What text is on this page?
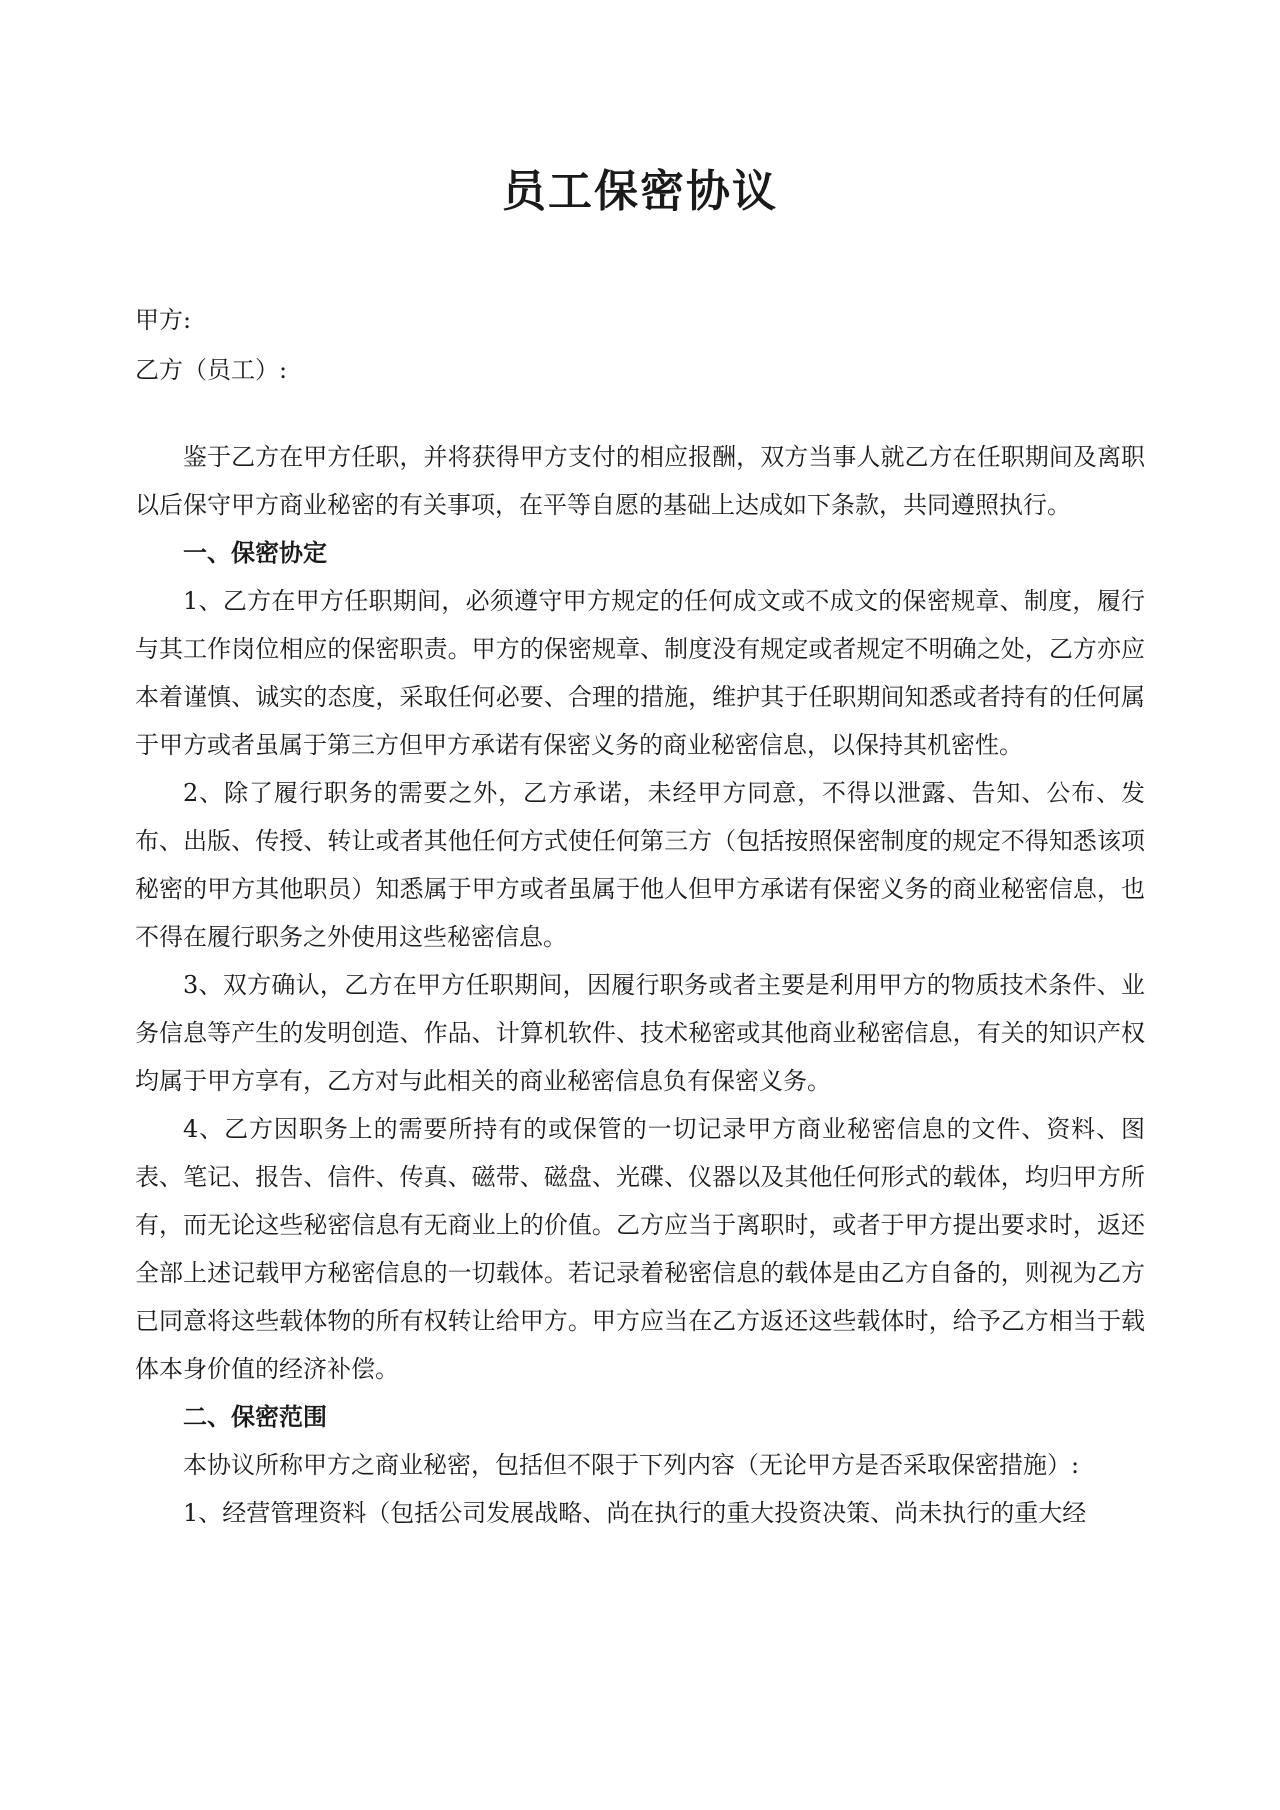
员工保密协议
甲方:
乙方（员工）:

鉴于乙方在甲方任职，并将获得甲方支付的相应报酬，双方当事人就乙方在任职期间及离职以后保守甲方商业秘密的有关事项，在平等自愿的基础上达成如下条款，共同遵照执行。

一、保密协定

1、乙方在甲方任职期间，必须遵守甲方规定的任何成文或不成文的保密规章、制度，履行与其工作岗位相应的保密职责。甲方的保密规章、制度没有规定或者规定不明确之处，乙方亦应本着谨慎、诚实的态度，采取任何必要、合理的措施，维护其于任职期间知悉或者持有的任何属于甲方或者虽属于第三方但甲方承诺有保密义务的商业秘密信息，以保持其机密性。

2、除了履行职务的需要之外，乙方承诺，未经甲方同意，不得以泄露、告知、公布、发布、出版、传授、转让或者其他任何方式使任何第三方（包括按照保密制度的规定不得知悉该项秘密的甲方其他职员）知悉属于甲方或者虽属于他人但甲方承诺有保密义务的商业秘密信息，也不得在履行职务之外使用这些秘密信息。

3、双方确认，乙方在甲方任职期间，因履行职务或者主要是利用甲方的物质技术条件、业务信息等产生的发明创造、作品、计算机软件、技术秘密或其他商业秘密信息，有关的知识产权均属于甲方享有，乙方对与此相关的商业秘密信息负有保密义务。

4、乙方因职务上的需要所持有的或保管的一切记录甲方商业秘密信息的文件、资料、图表、笔记、报告、信件、传真、磁带、磁盘、光碟、仪器以及其他任何形式的载体，均归甲方所有，而无论这些秘密信息有无商业上的价值。乙方应当于离职时，或者于甲方提出要求时，返还全部上述记载甲方秘密信息的一切载体。若记录着秘密信息的载体是由乙方自备的，则视为乙方已同意将这些载体物的所有权转让给甲方。甲方应当在乙方返还这些载体时，给予乙方相当于载体本身价值的经济补偿。

二、保密范围

本协议所称甲方之商业秘密，包括但不限于下列内容（无论甲方是否采取保密措施）:

1、经营管理资料（包括公司发展战略、尚在执行的重大投资决策、尚未执行的重大经
